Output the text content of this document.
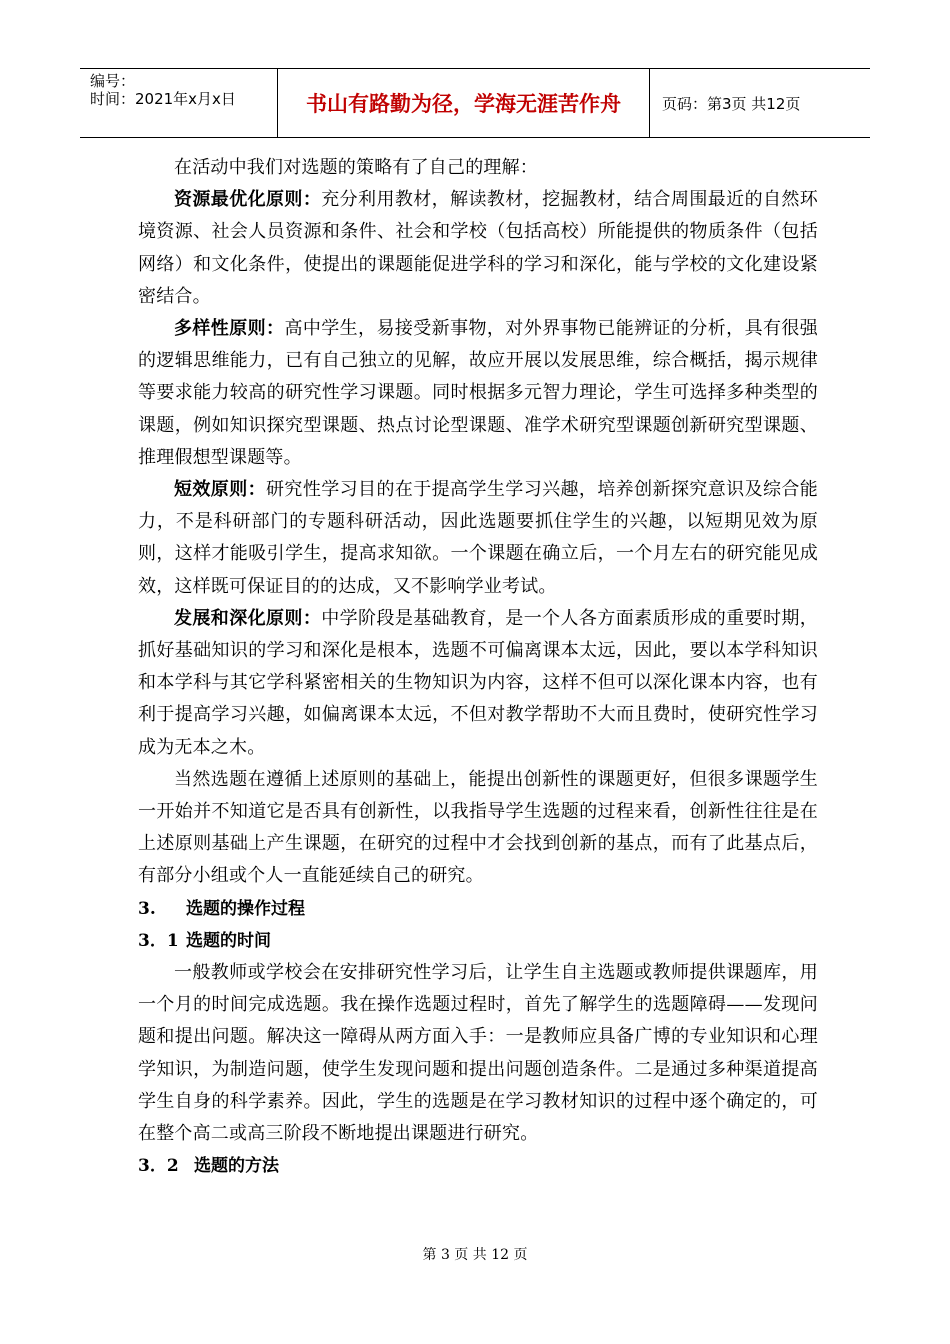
编号：
时间：2021年x月x日	书山有路勤为径，学海无涯苦作舟	页码：第3页 共12页

在活动中我们对选题的策略有了自己的理解：

资源最优化原则：充分利用教材，解读教材，挖掘教材，结合周围最近的自然环境资源、社会人员资源和条件、社会和学校（包括高校）所能提供的物质条件（包括网络）和文化条件，使提出的课题能促进学科的学习和深化，能与学校的文化建设紧密结合。

多样性原则：高中学生，易接受新事物，对外界事物已能辨证的分析，具有很强的逻辑思维能力，已有自己独立的见解，故应开展以发展思维，综合概括，揭示规律等要求能力较高的研究性学习课题。同时根据多元智力理论，学生可选择多种类型的课题，例如知识探究型课题、热点讨论型课题、准学术研究型课题创新研究型课题、推理假想型课题等。

短效原则：研究性学习目的在于提高学生学习兴趣，培养创新探究意识及综合能力，不是科研部门的专题科研活动，因此选题要抓住学生的兴趣，以短期见效为原则，这样才能吸引学生，提高求知欲。一个课题在确立后，一个月左右的研究能见成效，这样既可保证目的的达成，又不影响学业考试。

发展和深化原则：中学阶段是基础教育，是一个人各方面素质形成的重要时期，抓好基础知识的学习和深化是根本，选题不可偏离课本太远，因此，要以本学科知识和本学科与其它学科紧密相关的生物知识为内容，这样不但可以深化课本内容，也有利于提高学习兴趣，如偏离课本太远，不但对教学帮助不大而且费时，使研究性学习成为无本之木。

当然选题在遵循上述原则的基础上，能提出创新性的课题更好，但很多课题学生一开始并不知道它是否具有创新性，以我指导学生选题的过程来看，创新性往往是在上述原则基础上产生课题，在研究的过程中才会找到创新的基点，而有了此基点后，有部分小组或个人一直能延续自己的研究。

3. 选题的操作过程

3．1 选题的时间

一般教师或学校会在安排研究性学习后，让学生自主选题或教师提供课题库，用一个月的时间完成选题。我在操作选题过程时，首先了解学生的选题障碍——发现问题和提出问题。解决这一障碍从两方面入手：一是教师应具备广博的专业知识和心理学知识，为制造问题，使学生发现问题和提出问题创造条件。二是通过多种渠道提高学生自身的科学素养。因此，学生的选题是在学习教材知识的过程中逐个确定的，可在整个高二或高三阶段不断地提出课题进行研究。

3．2 选题的方法

第 3 页 共 12 页
